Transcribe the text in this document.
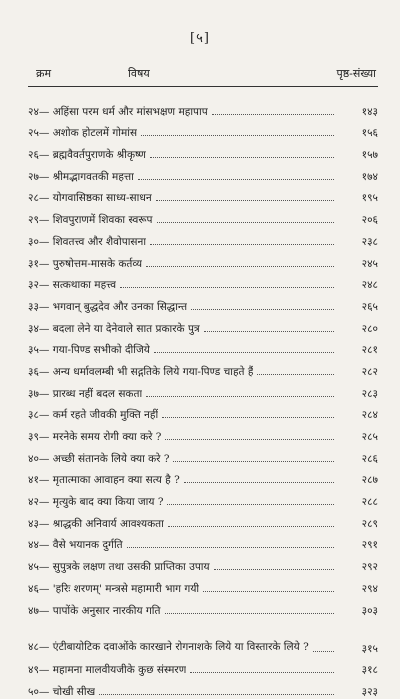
[५]
क्रम	विषय	पृष्ठ-संख्या
२४— अहिंसा परम धर्म और मांसभक्षण महापाप	१४३
२५— अशोक होटलमें गोमांस	१५६
२६— ब्रह्मवैवर्तपुराणके श्रीकृष्ण	१५७
२७— श्रीमद्भागवतकी महत्ता	१७४
२८— योगवासिष्ठका साध्य-साधन	१९५
२९— शिवपुराणमें शिवका स्वरूप	२०६
३०— शिवतत्त्व और शैवोपासना	२३८
३१— पुरुषोत्तम-मासके कर्तव्य	२४५
३२— सत्कथाका महत्त्व	२४८
३३— भगवान् बुद्धदेव और उनका सिद्धान्त	२६५
३४— बदला लेने या देनेवाले सात प्रकारके पुत्र	२८०
३५— गया-पिण्ड सभीको दीजिये	२८१
३६— अन्य धर्मावलम्बी भी सद्गतिके लिये गया-पिण्ड चाहते हैं	२८२
३७— प्रारब्ध नहीं बदल सकता	२८३
३८— कर्म रहते जीवकी मुक्ति नहीं	२८४
३९— मरनेके समय रोगी क्या करे ?	२८५
४०— अच्छी संतानके लिये क्या करे ?	२८६
४१— मृतात्माका आवाहन क्या सत्य है ?	२८७
४२— मृत्युके बाद क्या किया जाय ?	२८८
४३— श्राद्धकी अनिवार्य आवश्यकता	२८९
४४— वैसे भयानक दुर्गति	२९१
४५— सुपुत्रके लक्षण तथा उसकी प्राप्तिका उपाय	२९२
४६— 'हरिः शरणम्' मन्त्रसे महामारी भाग गयी	२९४
४७— पापोंके अनुसार नारकीय गति	३०३
४८— एंटीबायोटिक दवाओंके कारखाने रोगनाशके लिये या विस्तारके लिये ?	३१५
४९— महामना मालवीयजीके कुछ संस्मरण	३१८
५०— चोखी सीख	३२३
